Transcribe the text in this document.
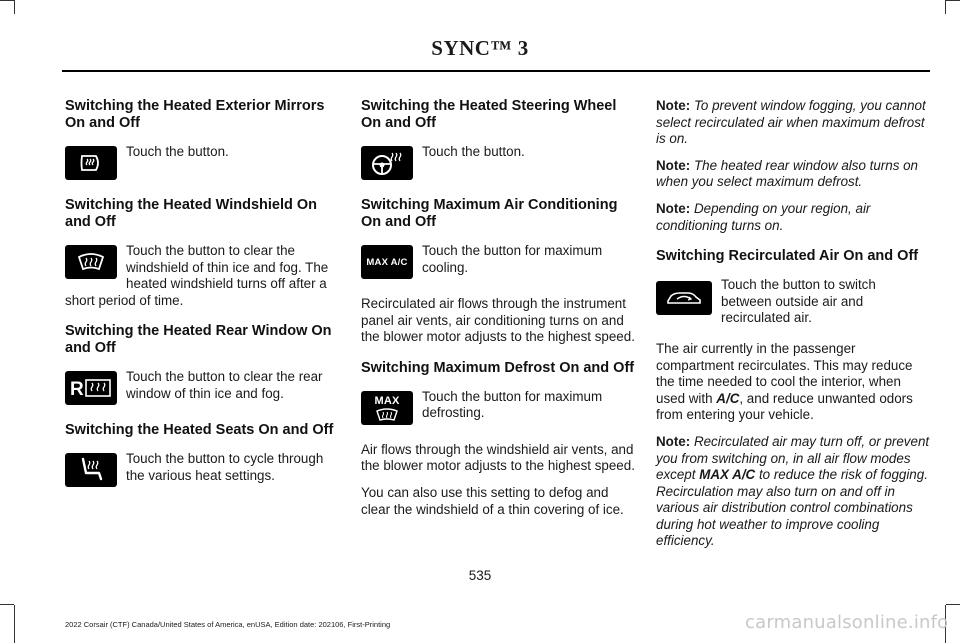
SYNC™ 3
Switching the Heated Exterior Mirrors On and Off

Touch the button.

Switching the Heated Windshield On and Off

Touch the button to clear the windshield of thin ice and fog. The heated windshield turns off after a short period of time.

Switching the Heated Rear Window On and Off
R

Touch the button to clear the rear window of thin ice and fog.

Switching the Heated Seats On and Off

Touch the button to cycle through the various heat settings.

Switching the Heated Steering Wheel On and Off

Touch the button.

Switching Maximum Air Conditioning On and Off
MAX A/C

Touch the button for maximum cooling.

Recirculated air flows through the instrument panel air vents, air conditioning turns on and the blower motor adjusts to the highest speed.

Switching Maximum Defrost On and Off
MAX	Touch the button for maximum defrosting.

Air flows through the windshield air vents, and the blower motor adjusts to the highest speed.

You can also use this setting to defog and clear the windshield of a thin covering of ice.

Note: To prevent window fogging, you cannot select recirculated air when maximum defrost is on.

Note: The heated rear window also turns on when you select maximum defrost.

Note: Depending on your region, air conditioning turns on.

Switching Recirculated Air On and Off

Touch the button to switch between outside air and recirculated air.

The air currently in the passenger compartment recirculates. This may reduce the time needed to cool the interior, when used with A/C, and reduce unwanted odors from entering your vehicle.

Note: Recirculated air may turn off, or prevent you from switching on, in all air flow modes except MAX A/C to reduce the risk of fogging. Recirculation may also turn on and off in various air distribution control combinations during hot weather to improve cooling efficiency.

535
2022 Corsair (CTF) Canada/United States of America, enUSA, Edition date: 202106, First-Printing	carmanualsonline.info
